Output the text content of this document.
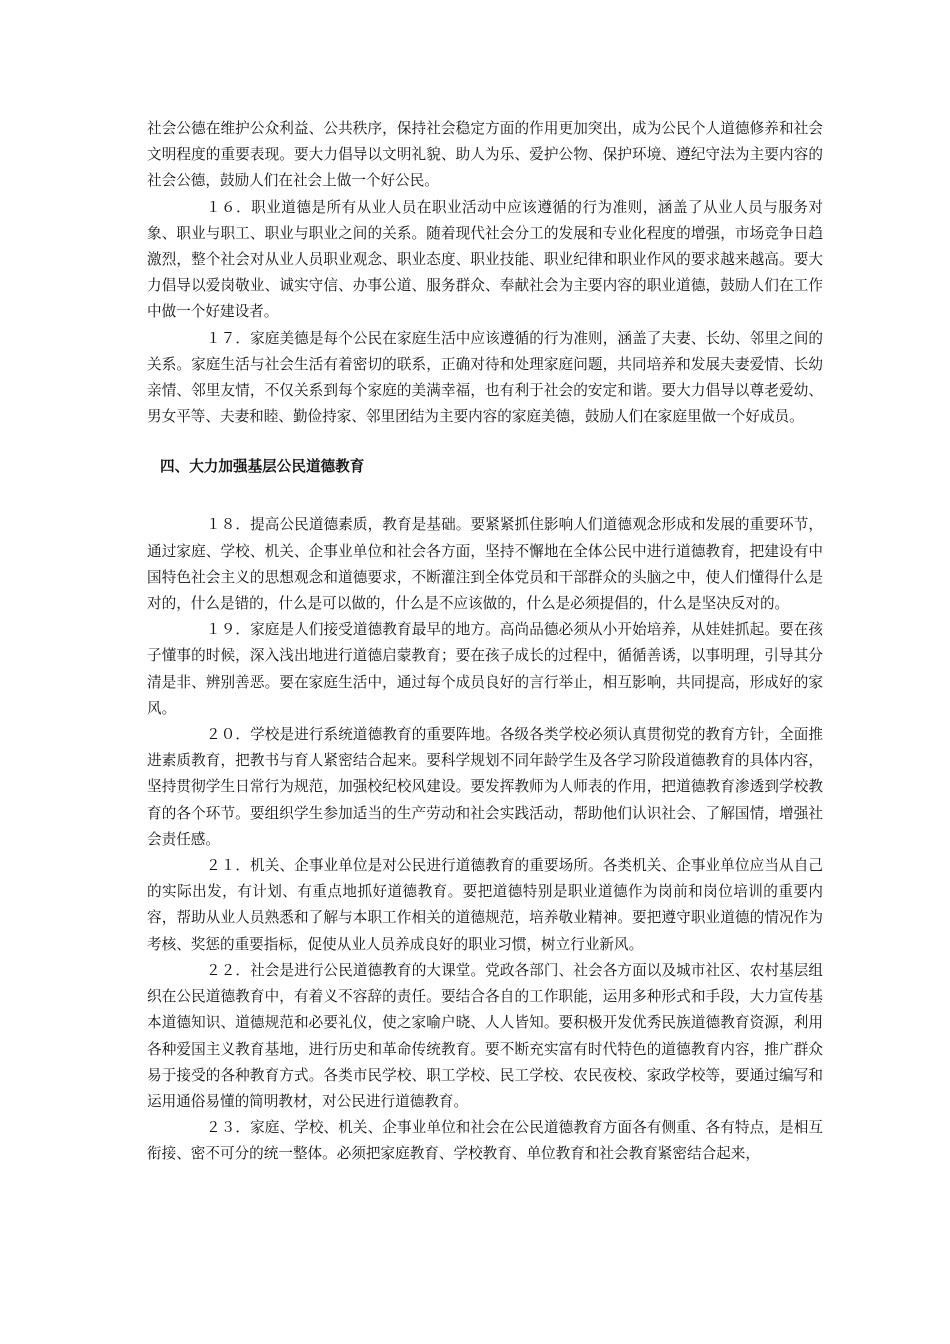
社会公德在维护公众利益、公共秩序，保持社会稳定方面的作用更加突出，成为公民个人道德修养和社会文明程度的重要表现。要大力倡导以文明礼貌、助人为乐、爱护公物、保护环境、遵纪守法为主要内容的社会公德，鼓励人们在社会上做一个好公民。

１６．职业道德是所有从业人员在职业活动中应该遵循的行为准则，涵盖了从业人员与服务对象、职业与职工、职业与职业之间的关系。随着现代社会分工的发展和专业化程度的增强，市场竞争日趋激烈，整个社会对从业人员职业观念、职业态度、职业技能、职业纪律和职业作风的要求越来越高。要大力倡导以爱岗敬业、诚实守信、办事公道、服务群众、奉献社会为主要内容的职业道德，鼓励人们在工作中做一个好建设者。

１７．家庭美德是每个公民在家庭生活中应该遵循的行为准则，涵盖了夫妻、长幼、邻里之间的关系。家庭生活与社会生活有着密切的联系，正确对待和处理家庭问题，共同培养和发展夫妻爱情、长幼亲情、邻里友情，不仅关系到每个家庭的美满幸福，也有利于社会的安定和谐。要大力倡导以尊老爱幼、男女平等、夫妻和睦、勤俭持家、邻里团结为主要内容的家庭美德，鼓励人们在家庭里做一个好成员。

四、大力加强基层公民道德教育

１８．提高公民道德素质，教育是基础。要紧紧抓住影响人们道德观念形成和发展的重要环节，通过家庭、学校、机关、企事业单位和社会各方面，坚持不懈地在全体公民中进行道德教育，把建设有中国特色社会主义的思想观念和道德要求，不断灌注到全体党员和干部群众的头脑之中，使人们懂得什么是对的，什么是错的，什么是可以做的，什么是不应该做的，什么是必须提倡的，什么是坚决反对的。

１９．家庭是人们接受道德教育最早的地方。高尚品德必须从小开始培养，从娃娃抓起。要在孩子懂事的时候，深入浅出地进行道德启蒙教育；要在孩子成长的过程中，循循善诱，以事明理，引导其分清是非、辨别善恶。要在家庭生活中，通过每个成员良好的言行举止，相互影响，共同提高，形成好的家风。

２０．学校是进行系统道德教育的重要阵地。各级各类学校必须认真贯彻党的教育方针，全面推进素质教育，把教书与育人紧密结合起来。要科学规划不同年龄学生及各学习阶段道德教育的具体内容，坚持贯彻学生日常行为规范，加强校纪校风建设。要发挥教师为人师表的作用，把道德教育渗透到学校教育的各个环节。要组织学生参加适当的生产劳动和社会实践活动，帮助他们认识社会、了解国情，增强社会责任感。

２１．机关、企事业单位是对公民进行道德教育的重要场所。各类机关、企事业单位应当从自己的实际出发，有计划、有重点地抓好道德教育。要把道德特别是职业道德作为岗前和岗位培训的重要内容，帮助从业人员熟悉和了解与本职工作相关的道德规范，培养敬业精神。要把遵守职业道德的情况作为考核、奖惩的重要指标，促使从业人员养成良好的职业习惯，树立行业新风。

２２．社会是进行公民道德教育的大课堂。党政各部门、社会各方面以及城市社区、农村基层组织在公民道德教育中，有着义不容辞的责任。要结合各自的工作职能，运用多种形式和手段，大力宣传基本道德知识、道德规范和必要礼仪，使之家喻户晓、人人皆知。要积极开发优秀民族道德教育资源，利用各种爱国主义教育基地，进行历史和革命传统教育。要不断充实富有时代特色的道德教育内容，推广群众易于接受的各种教育方式。各类市民学校、职工学校、民工学校、农民夜校、家政学校等，要通过编写和运用通俗易懂的简明教材，对公民进行道德教育。

２３．家庭、学校、机关、企事业单位和社会在公民道德教育方面各有侧重、各有特点，是相互衔接、密不可分的统一整体。必须把家庭教育、学校教育、单位教育和社会教育紧密结合起来，
